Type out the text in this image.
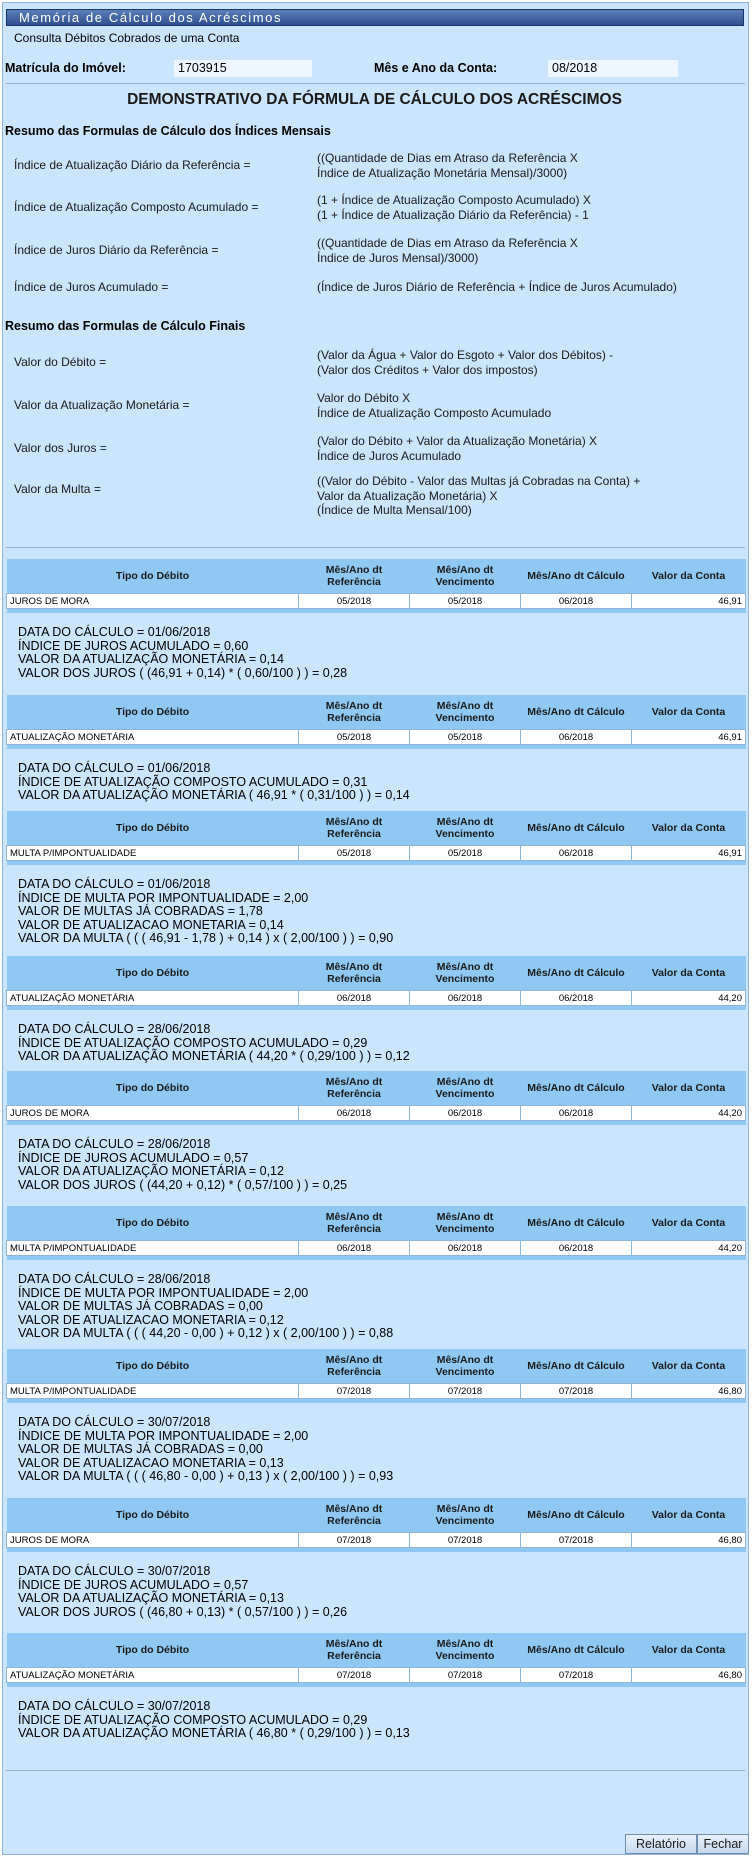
Memória de Cálculo dos Acréscimos
Consulta Débitos Cobrados de uma Conta
Matrícula do Imóvel:	1703915	Mês e Ano da Conta:	08/2018
DEMONSTRATIVO DA FÓRMULA DE CÁLCULO DOS ACRÉSCIMOS
Resumo das Formulas de Cálculo dos Índices Mensais
Índice de Atualização Diário da Referência =	((Quantidade de Dias em Atraso da Referência X
Índice de Atualização Monetária Mensal)/3000)
Índice de Atualização Composto Acumulado =	(1 + Índice de Atualização Composto Acumulado) X
(1 + Índice de Atualização Diário da Referência) - 1
Índice de Juros Diário da Referência =	((Quantidade de Dias em Atraso da Referência X
Índice de Juros Mensal)/3000)
Índice de Juros Acumulado =	(Índice de Juros Diário de Referência + Índice de Juros Acumulado)
Resumo das Formulas de Cálculo Finais
Valor do Débito =	(Valor da Água + Valor do Esgoto + Valor dos Débitos) -
(Valor dos Créditos + Valor dos impostos)
Valor da Atualização Monetária =	Valor do Débito X
Índice de Atualização Composto Acumulado
Valor dos Juros =	(Valor do Débito + Valor da Atualização Monetária) X
Índice de Juros Acumulado
Valor da Multa =
((Valor do Débito - Valor das Multas já Cobradas na Conta) +
Valor da Atualização Monetária) X
(Índice de Multa Mensal/100)
Tipo do Débito	Mês/Ano dt Referência	Mês/Ano dt Vencimento	Mês/Ano dt Cálculo	Valor da Conta
JUROS DE MORA	05/2018	05/2018	06/2018	46,91

DATA DO CÁLCULO = 01/06/2018
ÍNDICE DE JUROS ACUMULADO = 0,60
VALOR DA ATUALIZAÇÃO MONETÁRIA = 0,14
VALOR DOS JUROS ( (46,91 + 0,14) * ( 0,60/100 ) ) = 0,28
Tipo do Débito	Mês/Ano dt Referência	Mês/Ano dt Vencimento	Mês/Ano dt Cálculo	Valor da Conta
ATUALIZAÇÃO MONETÁRIA	05/2018	05/2018	06/2018	46,91

DATA DO CÁLCULO = 01/06/2018
ÍNDICE DE ATUALIZAÇÃO COMPOSTO ACUMULADO = 0,31
VALOR DA ATUALIZAÇÃO MONETÁRIA ( 46,91 * ( 0,31/100 ) ) = 0,14
Tipo do Débito	Mês/Ano dt Referência	Mês/Ano dt Vencimento	Mês/Ano dt Cálculo	Valor da Conta
MULTA P/IMPONTUALIDADE	05/2018	05/2018	06/2018	46,91

DATA DO CÁLCULO = 01/06/2018
ÍNDICE DE MULTA POR IMPONTUALIDADE = 2,00
VALOR DE MULTAS JÁ COBRADAS = 1,78
VALOR DE ATUALIZACAO MONETARIA = 0,14
VALOR DA MULTA ( ( ( 46,91 - 1,78 ) + 0,14 ) x ( 2,00/100 ) ) = 0,90
Tipo do Débito	Mês/Ano dt Referência	Mês/Ano dt Vencimento	Mês/Ano dt Cálculo	Valor da Conta
ATUALIZAÇÃO MONETÁRIA	06/2018	06/2018	06/2018	44,20

DATA DO CÁLCULO = 28/06/2018
ÍNDICE DE ATUALIZAÇÃO COMPOSTO ACUMULADO = 0,29
VALOR DA ATUALIZAÇÃO MONETÁRIA ( 44,20 * ( 0,29/100 ) ) = 0,12
Tipo do Débito	Mês/Ano dt Referência	Mês/Ano dt Vencimento	Mês/Ano dt Cálculo	Valor da Conta
JUROS DE MORA	06/2018	06/2018	06/2018	44,20

DATA DO CÁLCULO = 28/06/2018
ÍNDICE DE JUROS ACUMULADO = 0,57
VALOR DA ATUALIZAÇÃO MONETÁRIA = 0,12
VALOR DOS JUROS ( (44,20 + 0,12) * ( 0,57/100 ) ) = 0,25
Tipo do Débito	Mês/Ano dt Referência	Mês/Ano dt Vencimento	Mês/Ano dt Cálculo	Valor da Conta
MULTA P/IMPONTUALIDADE	06/2018	06/2018	06/2018	44,20

DATA DO CÁLCULO = 28/06/2018
ÍNDICE DE MULTA POR IMPONTUALIDADE = 2,00
VALOR DE MULTAS JÁ COBRADAS = 0,00
VALOR DE ATUALIZACAO MONETARIA = 0,12
VALOR DA MULTA ( ( ( 44,20 - 0,00 ) + 0,12 ) x ( 2,00/100 ) ) = 0,88
Tipo do Débito	Mês/Ano dt Referência	Mês/Ano dt Vencimento	Mês/Ano dt Cálculo	Valor da Conta
MULTA P/IMPONTUALIDADE	07/2018	07/2018	07/2018	46,80

DATA DO CÁLCULO = 30/07/2018
ÍNDICE DE MULTA POR IMPONTUALIDADE = 2,00
VALOR DE MULTAS JÁ COBRADAS = 0,00
VALOR DE ATUALIZACAO MONETARIA = 0,13
VALOR DA MULTA ( ( ( 46,80 - 0,00 ) + 0,13 ) x ( 2,00/100 ) ) = 0,93
Tipo do Débito	Mês/Ano dt Referência	Mês/Ano dt Vencimento	Mês/Ano dt Cálculo	Valor da Conta
JUROS DE MORA	07/2018	07/2018	07/2018	46,80

DATA DO CÁLCULO = 30/07/2018
ÍNDICE DE JUROS ACUMULADO = 0,57
VALOR DA ATUALIZAÇÃO MONETÁRIA = 0,13
VALOR DOS JUROS ( (46,80 + 0,13) * ( 0,57/100 ) ) = 0,26
Tipo do Débito	Mês/Ano dt Referência	Mês/Ano dt Vencimento	Mês/Ano dt Cálculo	Valor da Conta
ATUALIZAÇÃO MONETÁRIA	07/2018	07/2018	07/2018	46,80

DATA DO CÁLCULO = 30/07/2018
ÍNDICE DE ATUALIZAÇÃO COMPOSTO ACUMULADO = 0,29
VALOR DA ATUALIZAÇÃO MONETÁRIA ( 46,80 * ( 0,29/100 ) ) = 0,13
Relatório	Fechar
